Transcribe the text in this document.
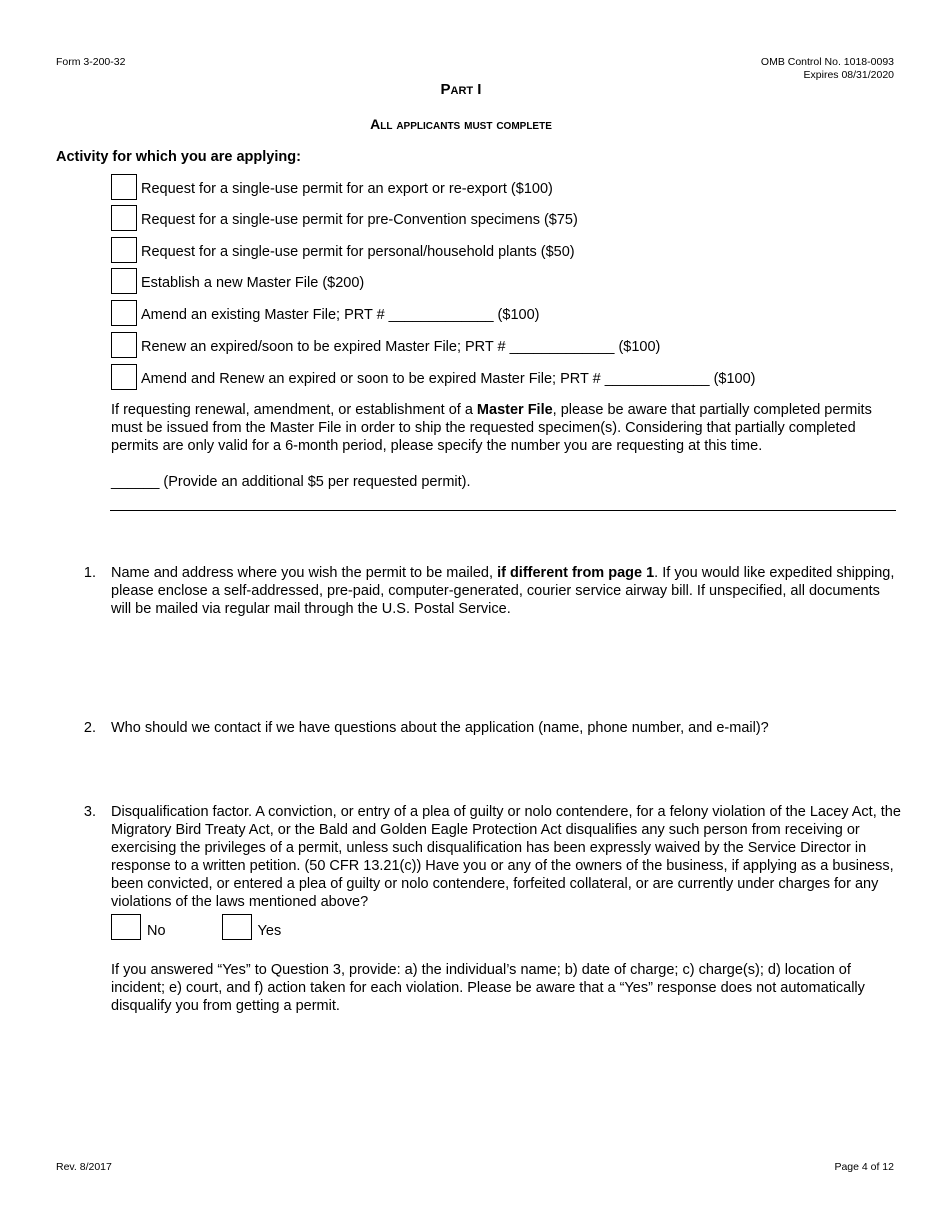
Form 3-200-32	OMB Control No. 1018-0093
Expires 08/31/2020
Part I
All applicants must complete
Activity for which you are applying:
Request for a single-use permit for an export or re-export ($100)
Request for a single-use permit for pre-Convention specimens ($75)
Request for a single-use permit for personal/household plants ($50)
Establish a new Master File ($200)
Amend an existing Master File; PRT # _____________ ($100)
Renew an expired/soon to be expired Master File; PRT # _____________ ($100)
Amend and Renew an expired or soon to be expired Master File; PRT # _____________ ($100)
If requesting renewal, amendment, or establishment of a Master File, please be aware that partially completed permits must be issued from the Master File in order to ship the requested specimen(s). Considering that partially completed permits are only valid for a 6-month period, please specify the number you are requesting at this time.
______ (Provide an additional $5 per requested permit).
1. Name and address where you wish the permit to be mailed, if different from page 1. If you would like expedited shipping, please enclose a self-addressed, pre-paid, computer-generated, courier service airway bill. If unspecified, all documents will be mailed via regular mail through the U.S. Postal Service.
2. Who should we contact if we have questions about the application (name, phone number, and e-mail)?
3. Disqualification factor. A conviction, or entry of a plea of guilty or nolo contendere, for a felony violation of the Lacey Act, the Migratory Bird Treaty Act, or the Bald and Golden Eagle Protection Act disqualifies any such person from receiving or exercising the privileges of a permit, unless such disqualification has been expressly waived by the Service Director in response to a written petition. (50 CFR 13.21(c)) Have you or any of the owners of the business, if applying as a business, been convicted, or entered a plea of guilty or nolo contendere, forfeited collateral, or are currently under charges for any violations of the laws mentioned above?
No	Yes
If you answered “Yes” to Question 3, provide: a) the individual’s name; b) date of charge; c) charge(s); d) location of incident; e) court, and f) action taken for each violation. Please be aware that a “Yes” response does not automatically disqualify you from getting a permit.
Rev. 8/2017	Page 4 of 12
